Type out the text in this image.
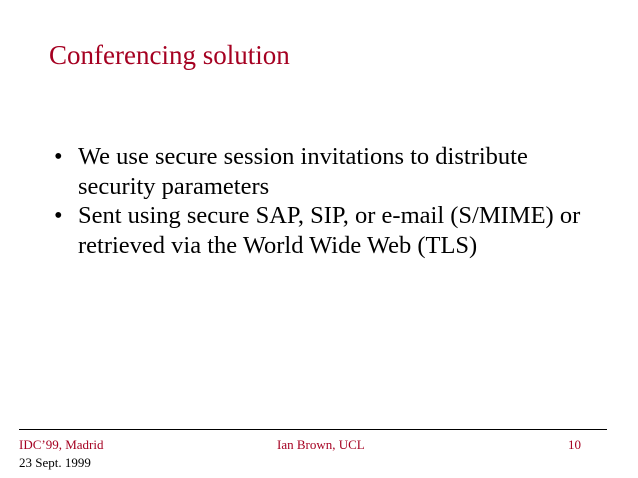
Conferencing solution
• We use secure session invitations to distribute security parameters
• Sent using secure SAP, SIP, or e-mail (S/MIME) or retrieved via the World Wide Web (TLS)
IDC’99, Madrid
23 Sept. 1999
Ian Brown, UCL	10
